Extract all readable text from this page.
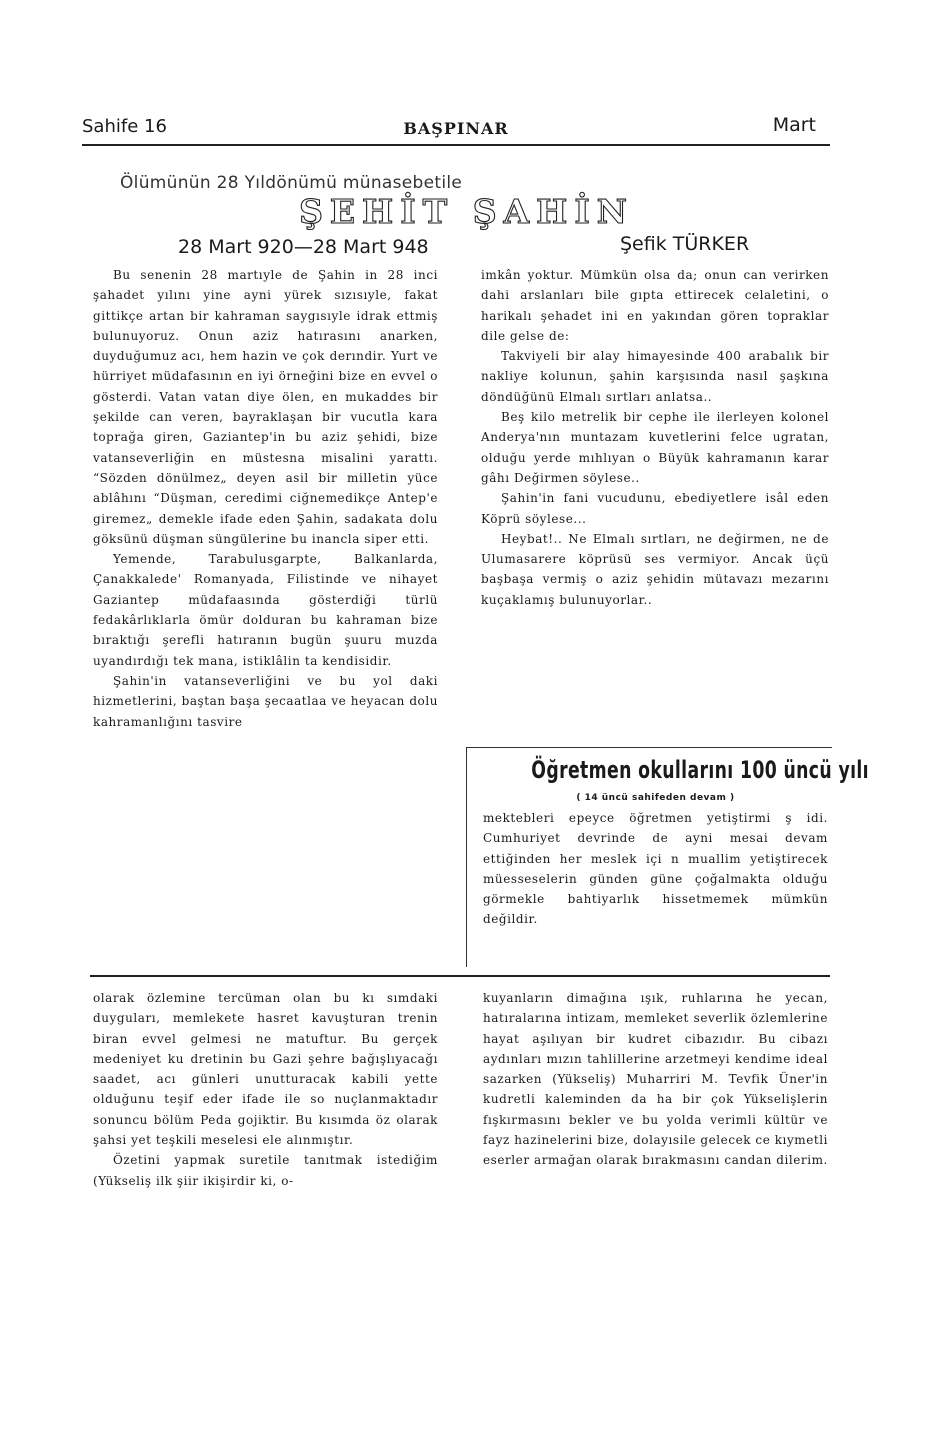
Sahife 16	BAŞPINAR	Mart
Ölümünün 28 Yıldönümü münasebetile
ŞEHİT ŞAHİN
28 Mart 920—28 Mart 948	Şefik TÜRKER

Bu senenin 28 martıyle de Şahin in 28 inci şahadet yılını yine ayni yürek sızısıyle, fakat gittikçe artan bir kahraman saygısıyle idrak ettmiş bulunuyoruz. Onun aziz hatırasını anarken, duyduğumuz acı, hem hazin ve çok derındir. Yurt ve hürriyet müdafasının en iyi örneğini bize en evvel o gösterdi. Vatan vatan diye ölen, en mukaddes bir şekilde can veren, bayraklaşan bir vucutla kara toprağa giren, Gaziantep'in bu aziz şehidi, bize vatanseverliğin en müstesna misalini yarattı. “Sözden dönülmez„ deyen asil bir milletin yüce ablâhını “Düşman, ceredimi ciğnemedikçe Antep'e giremez„ demekle ifade eden Şahin, sadakata dolu göksünü düşman süngülerine bu inancla siper etti.

Yemende, Tarabulusgarpte, Balkanlarda, Çanakkalede' Romanyada, Filistinde ve nihayet Gaziantep müdafaasında gösterdiği türlü fedakârlıklarla ömür dolduran bu kahraman bize bıraktığı şerefli hatıranın bugün şuuru muzda uyandırdığı tek mana, istiklâlin ta kendisidir.

Şahin'in vatanseverliğini ve bu yol daki hizmetlerini, baştan başa şecaatlaa ve heyacan dolu kahramanlığını tasvire

imkân yoktur. Mümkün olsa da; onun can verirken dahi arslanları bile gıpta ettirecek celaletini, o harikalı şehadet ini en yakından gören topraklar dile gelse de:

Takviyeli bir alay himayesinde 400 arabalık bir nakliye kolunun, şahin karşısında nasıl şaşkına döndüğünü Elmalı sırtları anlatsa..

Beş kilo metrelik bir cephe ile ilerleyen kolonel Anderya'nın muntazam kuvetlerini felce ugratan, olduğu yerde mıhlıyan o Büyük kahramanın karar gâhı Değirmen söylese..

Şahin'in fani vucudunu, ebediyetlere isâl eden Köprü söylese...

Heybat!.. Ne Elmalı sırtları, ne değirmen, ne de Ulumasarere köprüsü ses vermiyor. Ancak üçü başbaşa vermiş o aziz şehidin mütavazı mezarını kuçaklamış bulunuyorlar..

Öğretmen okullarını 100 üncü yılı
( 14 üncü sahifeden devam )

mektebleri epeyce öğretmen yetiştirmi ş idi. Cumhuriyet devrinde de ayni mesai devam ettiğinden her meslek içi n muallim yetiştirecek müesseselerin günden güne çoğalmakta olduğu görmekle bahtiyarlık hissetmemek mümkün değildir.

olarak özlemine tercüman olan bu kı sımdaki duyguları, memlekete hasret kavuşturan trenin biran evvel gelmesi ne matuftur. Bu gerçek medeniyet ku dretinin bu Gazi şehre bağışlıyacağı saadet, acı günleri unutturacak kabili yette olduğunu teşif eder ifade ile so nuçlanmaktadır sonuncu bölüm Peda gojiktir. Bu kısımda öz olarak şahsi yet teşkili meselesi ele alınmıştır.

Özetini yapmak suretile tanıtmak istediğim (Yükseliş ilk şiir ikişirdir ki, o-

kuyanların dimağına ışık, ruhlarına he yecan, hatıralarına intizam, memleket severlik özlemlerine hayat aşılıyan bir kudret cibazıdır. Bu cibazı aydınları mızın tahlillerine arzetmeyi kendime ideal sazarken (Yükseliş) Muharriri M. Tevfik Üner'in kudretli kaleminden da ha bir çok Yükselişlerin fışkırmasını bekler ve bu yolda verimli kültür ve fayz hazinelerini bize, dolayısile gelecek ce kıymetli eserler armağan olarak bırakmasını candan dilerim.
